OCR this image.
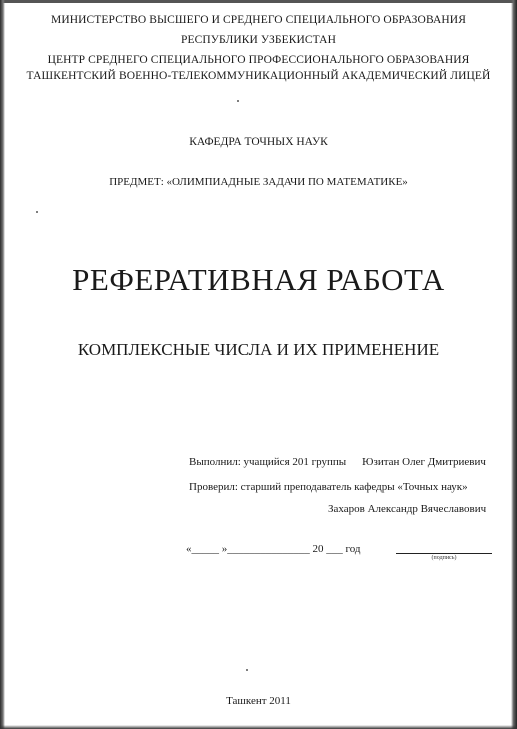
МИНИСТЕРСТВО ВЫСШЕГО И СРЕДНЕГО СПЕЦИАЛЬНОГО ОБРАЗОВАНИЯ
РЕСПУБЛИКИ УЗБЕКИСТАН
ЦЕНТР СРЕДНЕГО СПЕЦИАЛЬНОГО ПРОФЕССИОНАЛЬНОГО ОБРАЗОВАНИЯ
ТАШКЕНТСКИЙ ВОЕННО-ТЕЛЕКОММУНИКАЦИОННЫЙ АКАДЕМИЧЕСКИЙ ЛИЦЕЙ
КАФЕДРА ТОЧНЫХ НАУК
ПРЕДМЕТ: «ОЛИМПИАДНЫЕ ЗАДАЧИ ПО МАТЕМАТИКЕ»
РЕФЕРАТИВНАЯ РАБОТА
КОМПЛЕКСНЫЕ ЧИСЛА И ИХ ПРИМЕНЕНИЕ
Выполнил: учащийся 201 группы Юзитан Олег Дмитриевич
Проверил: старший преподаватель кафедры «Точных наук»
Захаров Александр Вячеславович
«_____ »_______________ 20 ___ год
(подпись)
Ташкент 2011
